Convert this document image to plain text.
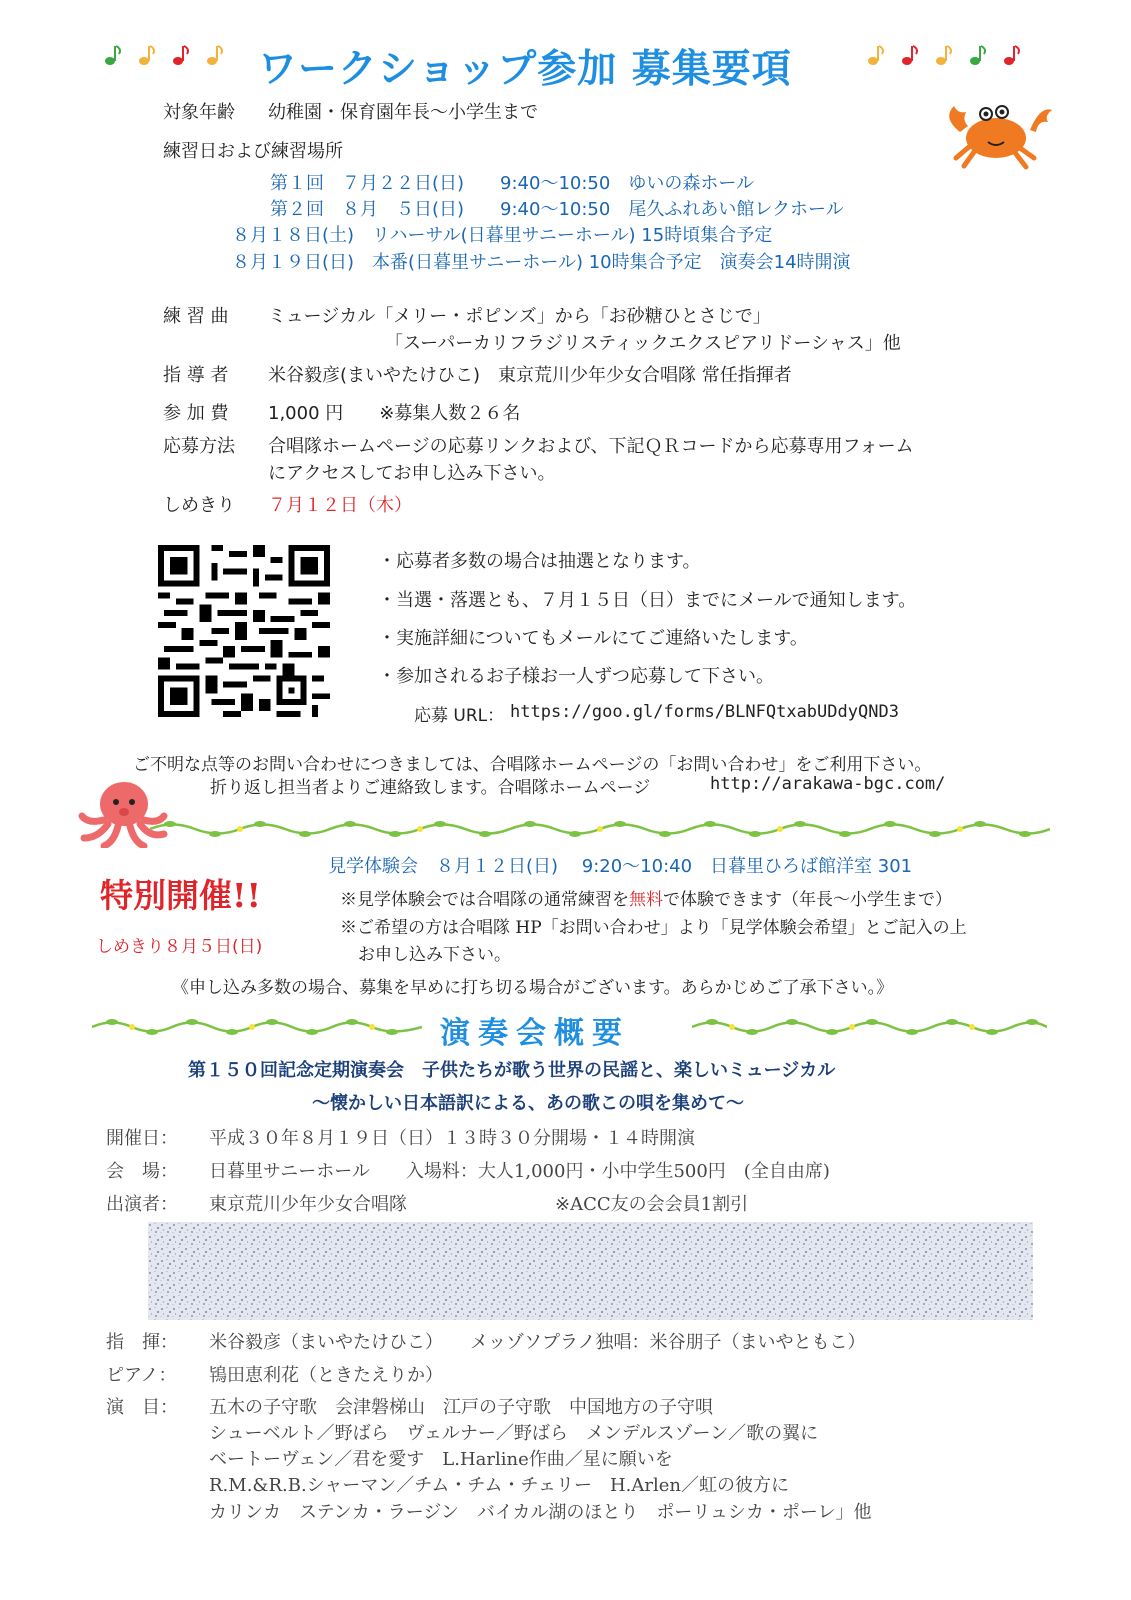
ワークショップ参加 募集要項
対象年齢 幼稚園・保育園年長～小学生まで
練習日および練習場所
第１回　７月２２日(日)　　9:40～10:50　ゆいの森ホール
第２回　８月　５日(日)　　9:40～10:50　尾久ふれあい館レクホール
８月１８日(土)　リハーサル(日暮里サニーホール) 15時頃集合予定
８月１９日(日)　本番(日暮里サニーホール) 10時集合予定　演奏会14時開演
練 習 曲 ミュージカル「メリー・ポピンズ」から「お砂糖ひとさじで」
「スーパーカリフラジリスティックエクスピアリドーシャス」他
指 導 者 米谷毅彦(まいやたけひこ)　東京荒川少年少女合唱隊 常任指揮者
参 加 費 1,000 円　　※募集人数２６名
応募方法 合唱隊ホームページの応募リンクおよび、下記ＱＲコードから応募専用フォーム
にアクセスしてお申し込み下さい。
しめきり ７月１２日（木）
・応募者多数の場合は抽選となります。
・当選・落選とも、７月１５日（日）までにメールで通知します。
・実施詳細についてもメールにてご連絡いたします。
・参加されるお子様お一人ずつ応募して下さい。
応募 URL： https://goo.gl/forms/BLNFQtxabUDdyQND3
ご不明な点等のお問い合わせにつきましては、合唱隊ホームページの「お問い合わせ」をご利用下さい。
折り返し担当者よりご連絡致します。合唱隊ホームページ	http://arakawa-bgc.com/
特別開催!!
しめきり８月５日(日)
見学体験会　８月１２日(日)　 9:20～10:40　日暮里ひろば館洋室 301
※見学体験会では合唱隊の通常練習を無料で体験できます（年長～小学生まで）
※ご希望の方は合唱隊 HP「お問い合わせ」より「見学体験会希望」とご記入の上
お申し込み下さい。
《申し込み多数の場合、募集を早めに打ち切る場合がございます。あらかじめご了承下さい。》
演奏会概要
第１５０回記念定期演奏会　子供たちが歌う世界の民謡と、楽しいミュージカル
～懐かしい日本語訳による、あの歌この唄を集めて～
開催日： 平成３０年８月１９日（日）１３時３０分開場・１４時開演
会　場： 日暮里サニーホール　　入場料：大人1,000円・小中学生500円　(全自由席)
出演者： 東京荒川少年少女合唱隊	※ACC友の会会員1割引
指　揮： 米谷毅彦（まいやたけひこ）　　メッゾソプラノ独唱：米谷朋子（まいやともこ）
ピアノ： 鴇田恵利花（ときたえりか）
演　目： 五木の子守歌　会津磐梯山　江戸の子守歌　中国地方の子守唄
シューベルト／野ばら　ヴェルナー／野ばら　メンデルスゾーン／歌の翼に
ベートーヴェン／君を愛す　L.Harline作曲／星に願いを
R.M.&R.B.シャーマン／チム・チム・チェリー　H.Arlen／虹の彼方に
カリンカ　ステンカ・ラージン　バイカル湖のほとり　ポーリュシカ・ポーレ」他
